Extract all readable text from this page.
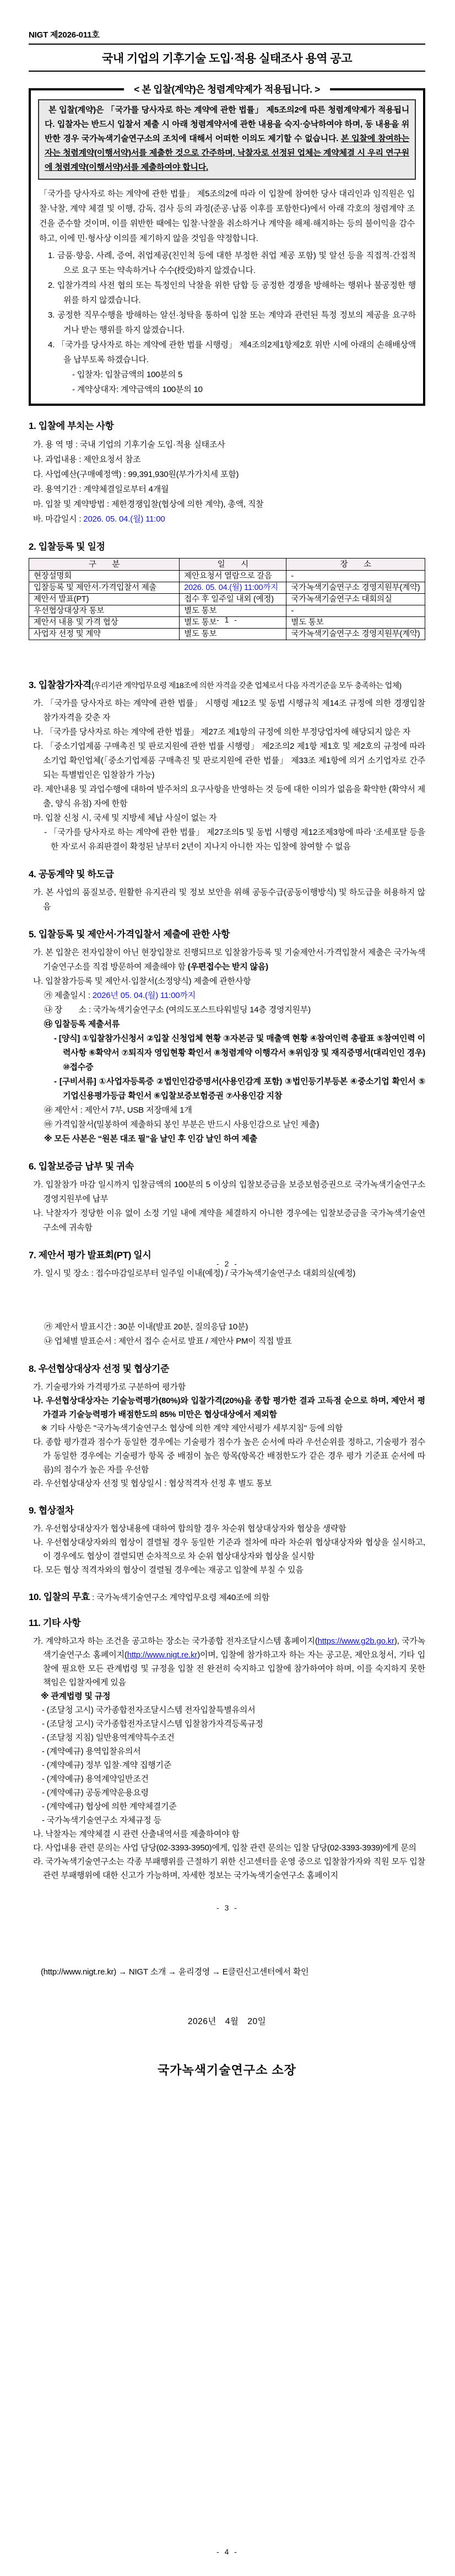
NIGT 제2026-011호
국내 기업의 기후기술 도입·적용 실태조사 용역 공고
< 본 입찰(계약)은 청렴계약제가 적용됩니다. >
본 입찰(계약)은 「국가를 당사자로 하는 계약에 관한 법률」 제5조의2에 따른 청렴계약제가 적용됩니다. 입찰자는 반드시 입찰서 제출 시 아래 청렴계약서에 관한 내용을 숙지·승낙하여야 하며, 동 내용을 위반한 경우 국가녹색기술연구소의 조치에 대해서 어떠한 이의도 제기할 수 없습니다. 본 입찰에 참여하는 자는 청렴계약(이행서약)서를 제출한 것으로 간주하며, 낙찰자로 선정된 업체는 계약체결 시 우리 연구원에 청렴계약(이행서약)서를 제출하여야 합니다.
「국가를 당사자로 하는 계약에 관한 법률」 제5조의2에 따라 이 입찰에 참여한 당사 대리인과 임직원은 입찰·낙찰, 계약 체결 및 이행, 감독, 검사 등의 과정(준공·납품 이후를 포함한다)에서 아래 각호의 청렴계약 조건을 준수할 것이며, 이를 위반한 때에는 입찰·낙찰을 취소하거나 계약을 해제·해지하는 등의 불이익을 감수하고, 이에 민·형사상 이의를 제기하지 않을 것임을 약정합니다.
1. 금품·향응, 사례, 증여, 취업제공(친인척 등에 대한 부정한 취업 제공 포함) 및 알선 등을 직접적·간접적으로 요구 또는 약속하거나 수수(授受)하지 않겠습니다.
2. 입찰가격의 사전 협의 또는 특정인의 낙찰을 위한 담합 등 공정한 경쟁을 방해하는 행위나 불공정한 행위를 하지 않겠습니다.
3. 공정한 직무수행을 방해하는 알선·청탁을 통하여 입찰 또는 계약과 관련된 특정 정보의 제공을 요구하거나 받는 행위를 하지 않겠습니다.
4. 「국가를 당사자로 하는 계약에 관한 법률 시행령」 제4조의2제1항제2호 위반 시에 아래의 손해배상액을 납부토록 하겠습니다.
- 입찰자: 입찰금액의 100분의 5
- 계약상대자: 계약금액의 100분의 10
1. 입찰에 부치는 사항
가. 용 역 명 : 국내 기업의 기후기술 도입·적용 실태조사
나. 과업내용 : 제안요청서 참조
다. 사업예산(구매예정액) : 99,391,930원(부가가치세 포함)
라. 용역기간 : 계약체결일로부터 4개월
마. 입찰 및 계약방법 : 제한경쟁입찰(협상에 의한 계약), 총액, 직찰
바. 마감일시 : 2026. 05. 04.(월) 11:00
2. 입찰등록 및 일정
구　　분	일　　시	장　　소
현장설명회	제안요청서 열람으로 갈음	-
입찰등록 및 제안서·가격입찰서 제출	2026. 05. 04.(월) 11:00까지	국가녹색기술연구소 경영지원부(계약)
제안서 발표(PT)	접수 후 일주일 내외 (예정)	국가녹색기술연구소 대회의실
우선협상대상자 통보	별도 통보	-
제안서 내용 및 가격 협상	별도 통보	별도 통보
사업자 선정 및 계약	별도 통보	국가녹색기술연구소 경영지원부(계약)
- 1 -
3. 입찰참가자격(우리기관 계약업무요령 제18조에 의한 자격을 갖춘 업체로서 다음 자격기준을 모두 충족하는 업체)
가. 「국가를 당사자로 하는 계약에 관한 법률」 시행령 제12조 및 동법 시행규칙 제14조 규정에 의한 경쟁입찰 참가자격을 갖춘 자
나. 「국가를 당사자로 하는 계약에 관한 법률」 제27조 제1항의 규정에 의한 부정당업자에 해당되지 않은 자
다. 「중소기업제품 구매촉진 및 판로지원에 관한 법률 시행령」 제2조의2 제1항 제1호 및 제2호의 규정에 따라 소기업 확인업체(「중소기업제품 구매촉진 및 판로지원에 관한 법률」 제33조 제1항에 의거 소기업자로 간주되는 특별법인은 입찰참가 가능)
라. 제안내용 및 과업수행에 대하여 발주처의 요구사항을 반영하는 것 등에 대한 이의가 없음을 확약한 (확약서 제출, 양식 유첨) 자에 한함
마. 입찰 신청 시, 국세 및 지방세 체납 사실이 없는 자
- 「국가를 당사자로 하는 계약에 관한 법률」 제27조의5 및 동법 시행령 제12조제3항에 따라 ‘조세포탈 등을 한 자’로서 유죄판결이 확정된 날부터 2년이 지나지 아니한 자는 입찰에 참여할 수 없음
4. 공동계약 및 하도급
가. 본 사업의 품질보증, 원활한 유지관리 및 정보 보안을 위해 공동수급(공동이행방식) 및 하도급을 허용하지 않음
5. 입찰등록 및 제안서·가격입찰서 제출에 관한 사항
가. 본 입찰은 전자입찰이 아닌 현장입찰로 진행되므로 입찰참가등록 및 기술제안서·가격입찰서 제출은 국가녹색기술연구소를 직접 방문하여 제출해야 함 (우편접수는 받지 않음)
나. 입찰참가등록 및 제안서·입찰서(소정양식) 제출에 관한사항
㉮ 제출일시 : 2026년 05. 04.(월) 11:00까지
㉯ 장　　소 : 국가녹색기술연구소 (여의도포스트타워빌딩 14층 경영지원부)
㉰ 입찰등록 제출서류
- [양식] ①입찰참가신청서 ②입찰 신청업체 현황 ③자본금 및 매출액 현황 ④참여인력 총괄표 ⑤참여인력 이력사항 ⑥확약서 ⑦퇴직자 영입현황 확인서 ⑧청렴계약 이행각서 ⑨위임장 및 재직증명서(대리인인 경우) ⑩접수증
- [구비서류] ①사업자등록증 ②법인인감증명서(사용인감계 포함) ③법인등기부등본 ④중소기업 확인서 ⑤기업신용평가등급 확인서 ⑥입찰보증보험증권 ⑦사용인감 지참
㉱ 제안서 : 제안서 7부, USB 저장매체 1개
㉲ 가격입찰서(밀봉하여 제출하되 봉인 부분은 반드시 사용인감으로 날인 제출)
※ 모든 사본은 “원본 대조 필”을 날인 후 인감 날인 하여 제출
6. 입찰보증금 납부 및 귀속
가. 입찰참가 마감 일시까지 입찰금액의 100분의 5 이상의 입찰보증금을 보증보험증권으로 국가녹색기술연구소 경영지원부에 납부
나. 낙찰자가 정당한 이유 없이 소정 기일 내에 계약을 체결하지 아니한 경우에는 입찰보증금을 국가녹색기술연구소에 귀속함
7. 제안서 평가 발표회(PT) 일시
가. 일시 및 장소 : 접수마감일로부터 일주일 이내(예정) / 국가녹색기술연구소 대회의실(예정)
- 2 -
㉮ 제안서 발표시간 : 30분 이내(발표 20분, 질의응답 10분)
㉯ 업체별 발표순서 : 제안서 접수 순서로 발표 / 제안사 PM이 직접 발표
8. 우선협상대상자 선정 및 협상기준
가. 기술평가와 가격평가로 구분하여 평가함
나. 우선협상대상자는 기술능력평가(80%)와 입찰가격(20%)을 종합 평가한 결과 고득점 순으로 하며, 제안서 평가결과 기술능력평가 배점한도의 85% 미만은 협상대상에서 제외함
※ 기타 사항은 "국가녹색기술연구소 협상에 의한 계약 제안서평가 세부지침" 등에 의함
다. 종합 평가결과 점수가 동일한 경우에는 기술평가 점수가 높은 순서에 따라 우선순위를 정하고, 기술평가 점수가 동일한 경우에는 기술평가 항목 중 배점이 높은 항목(항목간 배점한도가 같은 경우 평가 기준표 순서에 따름)의 점수가 높은 자를 우선함
라. 우선협상대상자 선정 및 협상일시 : 협상적격자 선정 후 별도 통보
9. 협상절차
가. 우선협상대상자가 협상내용에 대하여 합의할 경우 차순위 협상대상자와 협상을 생략함
나. 우선협상대상자와의 협상이 결렬될 경우 동일한 기준과 절차에 따라 차순위 협상대상자와 협상을 실시하고, 이 경우에도 협상이 결렬되면 순차적으로 차 순위 협상대상자와 협상을 실시함
다. 모든 협상 적격자와의 협상이 결렬될 경우에는 재공고 입찰에 부칠 수 있음
10. 입찰의 무효 : 국가녹색기술연구소 계약업무요령 제40조에 의함
11. 기타 사항
가. 계약하고자 하는 조건을 공고하는 장소는 국가종합 전자조달시스템 홈페이지(https://www.g2b.go.kr), 국가녹색기술연구소 홈페이지(http://www.nigt.re.kr)이며, 입찰에 참가하고자 하는 자는 공고문, 제안요청서, 기타 입찰에 필요한 모든 관계법령 및 규정을 입찰 전 완전히 숙지하고 입찰에 참가하여야 하며, 이를 숙지하지 못한 책임은 입찰자에게 있음
※ 관계법령 및 규정
- (조달청 고시) 국가종합전자조달시스템 전자입찰특별유의서
- (조달청 고시) 국가종합전자조달시스템 입찰참가자격등록규정
- (조달청 지침) 일반용역계약특수조건
- (계약예규) 용역입찰유의서
- (계약예규) 정부 입찰·계약 집행기준
- (계약예규) 용역계약일반조건
- (계약예규) 공동계약운용요령
- (계약예규) 협상에 의한 계약체결기준
- 국가녹색기술연구소 자체규정 등
나. 낙찰자는 계약체결 시 관련 산출내역서를 제출하여야 함
다. 사업내용 관련 문의는 사업 담당(02-3393-3950)에게, 입찰 관련 문의는 입찰 담당(02-3393-3939)에게 문의
라. 국가녹색기술연구소는 각종 부패행위를 근절하기 위한 신고센터를 운영 중으로 입찰참가자와 직원 모두 입찰 관련 부패행위에 대한 신고가 가능하며, 자세한 정보는 국가녹색기술연구소 홈페이지
- 3 -
(http://www.nigt.re.kr) → NIGT 소개 → 윤리경영 → E클린신고센터에서 확인
2026년　4월　20일
국가녹색기술연구소 소장
- 4 -
